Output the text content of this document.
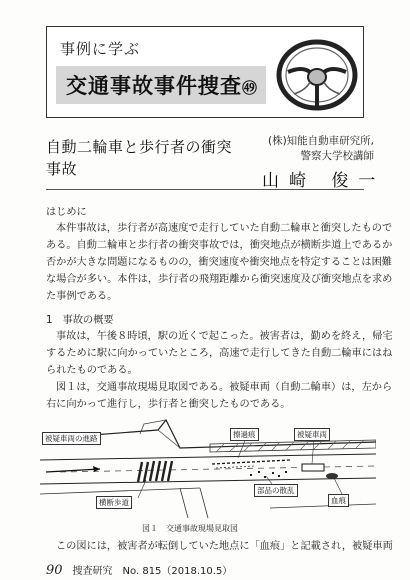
事例に学ぶ
交通事故事件捜査㊾
自動二輪車と歩行者の衝突事故
(株)知能自動車研究所,
警察大学校講師
山崎 俊一
はじめに
本件事故は，歩行者が高速度で走行していた自動二輪車と衝突したもので
ある。自動二輪車と歩行者の衝突事故では，衝突地点が横断歩道上であるか
否かが大きな問題になるものの，衝突速度や衝突地点を特定することは困難
な場合が多い。本件は，歩行者の飛翔距離から衝突速度及び衝突地点を求め
た事例である。
1　事故の概要
事故は，午後８時頃，駅の近くで起こった。被害者は，勤めを終え，帰宅
するために駅に向かっていたところ，高速で走行してきた自動二輪車にはね
られたものである。
図１は，交通事故現場見取図である。被疑車両（自動二輪車）は，左から
右に向かって進行し，歩行者と衝突したものである。
被疑車両の進路	擦過痕	被疑車両
横断歩道
部品の散乱
血痕
図１　交通事故現場見取図
この図には，被害者が転倒していた地点に「血痕」と記載され，被疑車両
90 捜査研究　No. 815（2018.10.5）
